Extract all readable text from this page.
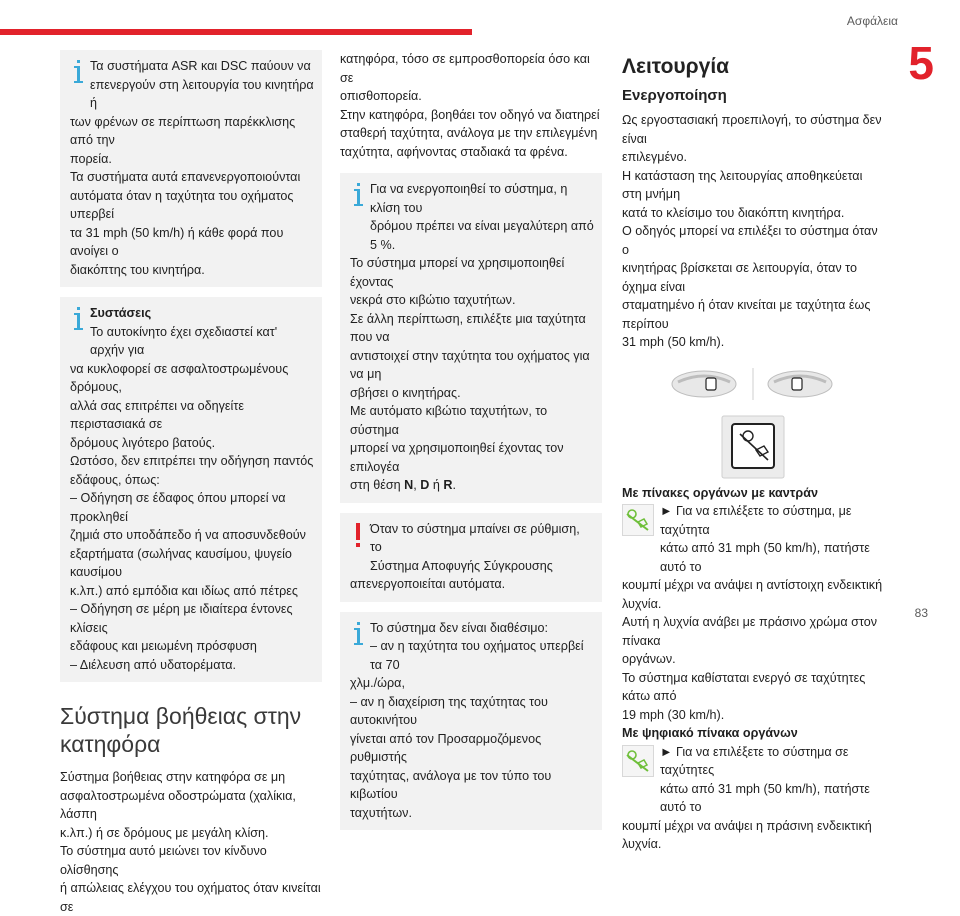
Ασφάλεια
5
83

Τα συστήματα ASR και DSC παύουν να

επενεργούν στη λειτουργία του κινητήρα ή

των φρένων σε περίπτωση παρέκκλισης από την

πορεία.

Τα συστήματα αυτά επανενεργοποιούνται

αυτόματα όταν η ταχύτητα του οχήματος υπερβεί

τα 31 mph (50 km/h) ή κάθε φορά που ανοίγει ο

διακόπτης του κινητήρα.

Συστάσεις

Το αυτοκίνητο έχει σχεδιαστεί κατ' αρχήν για

να κυκλοφορεί σε ασφαλτοστρωμένους δρόμους,

αλλά σας επιτρέπει να οδηγείτε περιστασιακά σε

δρόμους λιγότερο βατούς.

Ωστόσο, δεν επιτρέπει την οδήγηση παντός

εδάφους, όπως:

– Οδήγηση σε έδαφος όπου μπορεί να προκληθεί

ζημιά στο υποδάπεδο ή να αποσυνδεθούν

εξαρτήματα (σωλήνας καυσίμου, ψυγείο καυσίμου

κ.λπ.) από εμπόδια και ιδίως από πέτρες

– Οδήγηση σε μέρη με ιδιαίτερα έντονες κλίσεις

εδάφους και μειωμένη πρόσφυση

– Διέλευση από υδατορέματα.

Σύστημα βοήθειας στην
κατηφόρα

Σύστημα βοήθειας στην κατηφόρα σε μη

ασφαλτοστρωμένα οδοστρώματα (χαλίκια, λάσπη

κ.λπ.) ή σε δρόμους με μεγάλη κλίση.

Το σύστημα αυτό μειώνει τον κίνδυνο ολίσθησης

ή απώλειας ελέγχου του οχήματος όταν κινείται σε

κατηφόρα, τόσο σε εμπροσθοπορεία όσο και σε

οπισθοπορεία.

Στην κατηφόρα, βοηθάει τον οδηγό να διατηρεί

σταθερή ταχύτητα, ανάλογα με την επιλεγμένη

ταχύτητα, αφήνοντας σταδιακά τα φρένα.

Για να ενεργοποιηθεί το σύστημα, η κλίση του

δρόμου πρέπει να είναι μεγαλύτερη από 5 %.

Το σύστημα μπορεί να χρησιμοποιηθεί έχοντας

νεκρά στο κιβώτιο ταχυτήτων.

Σε άλλη περίπτωση, επιλέξτε μια ταχύτητα που να

αντιστοιχεί στην ταχύτητα του οχήματος για να μη

σβήσει ο κινητήρας.

Με αυτόματο κιβώτιο ταχυτήτων, το σύστημα

μπορεί να χρησιμοποιηθεί έχοντας τον επιλογέα

στη θέση N, D ή R.

Όταν το σύστημα μπαίνει σε ρύθμιση, το

Σύστημα Αποφυγής Σύγκρουσης

απενεργοποιείται αυτόματα.

Το σύστημα δεν είναι διαθέσιμο:

– αν η ταχύτητα του οχήματος υπερβεί τα 70

χλμ./ώρα,

– αν η διαχείριση της ταχύτητας του αυτοκινήτου

γίνεται από τον Προσαρμοζόμενος ρυθμιστής

ταχύτητας, ανάλογα με τον τύπο του κιβωτίου

ταχυτήτων.

Λειτουργία
Ενεργοποίηση

Ως εργοστασιακή προεπιλογή, το σύστημα δεν είναι

επιλεγμένο.

Η κατάσταση της λειτουργίας αποθηκεύεται στη μνήμη

κατά το κλείσιμο του διακόπτη κινητήρα.

Ο οδηγός μπορεί να επιλέξει το σύστημα όταν ο

κινητήρας βρίσκεται σε λειτουργία, όταν το όχημα είναι

σταματημένο ή όταν κινείται με ταχύτητα έως περίπου

31 mph (50 km/h).

Με πίνακες οργάνων με καντράν

► Για να επιλέξετε το σύστημα, με ταχύτητα

κάτω από 31 mph (50 km/h), πατήστε αυτό το

κουμπί μέχρι να ανάψει η αντίστοιχη ενδεικτική λυχνία.

Αυτή η λυχνία ανάβει με πράσινο χρώμα στον πίνακα

οργάνων.

Το σύστημα καθίσταται ενεργό σε ταχύτητες κάτω από

19 mph (30 km/h).

Με ψηφιακό πίνακα οργάνων

► Για να επιλέξετε το σύστημα σε ταχύτητες

κάτω από 31 mph (50 km/h), πατήστε αυτό το

κουμπί μέχρι να ανάψει η πράσινη ενδεικτική λυχνία.
